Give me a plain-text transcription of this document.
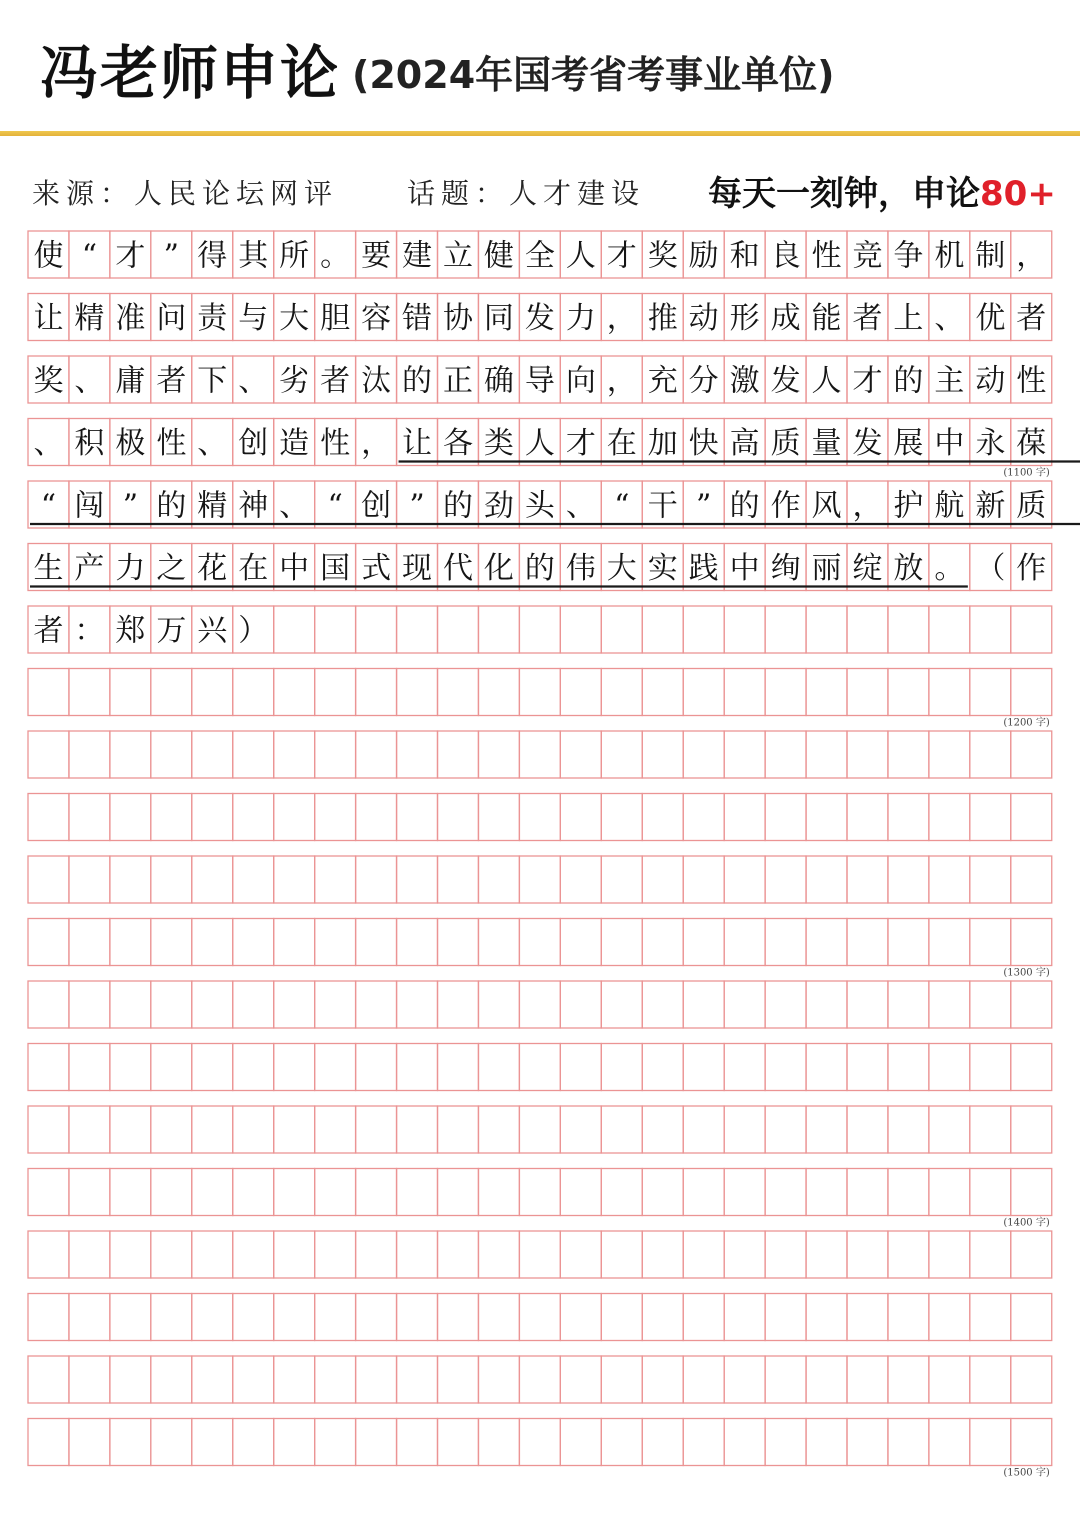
冯老师申论 (2024年国考省考事业单位)
来源：人民论坛网评 话题：人才建设 每天一刻钟，申论80+
使 “ 才 ” 得 其 所 。 要 建 立 健 全 人 才 奖 励 和 良 性 竞 争 机 制 ，
让 精 准 问 责 与 大 胆 容 错 协 同 发 力 ， 推 动 形 成 能 者 上 、 优 者
奖 、 庸 者 下 、 劣 者 汰 的 正 确 导 向 ， 充 分 激 发 人 才 的 主 动 性
、 积 极 性 、 创 造 性 ， 让 各 类 人 才 在 加 快 高 质 量 发 展 中 永 葆
“ 闯 ” 的 精 神 、 “ 创 ” 的 劲 头 、 “ 干 ” 的 作 风 ， 护 航 新 质
生 产 力 之 花 在 中 国 式 现 代 化 的 伟 大 实 践 中 绚 丽 绽 放 。 （ 作
者 ： 郑 万 兴 ）
(1100 字)
(1200 字)
(1300 字)
(1400 字)
(1500 字)
